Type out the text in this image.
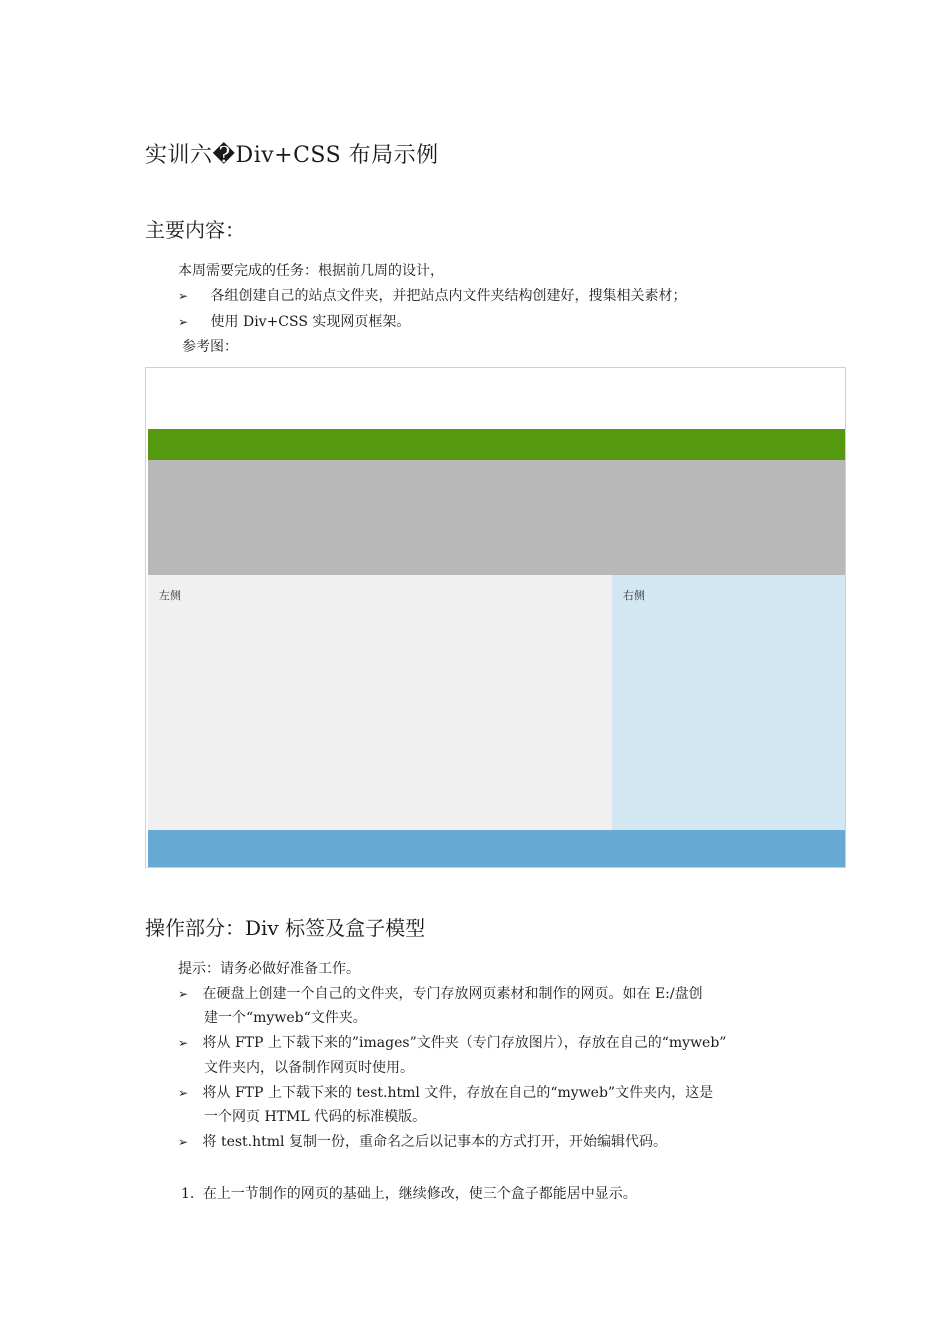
实训六�Div+CSS 布局示例
主要内容：
本周需要完成的任务：根据前几周的设计，
➢ 各组创建自己的站点文件夹，并把站点内文件夹结构创建好，搜集相关素材；
➢ 使用 Div+CSS 实现网页框架。
参考图：
左侧	右侧
操作部分：Div 标签及盒子模型
提示：请务必做好准备工作。
➢ 在硬盘上创建一个自己的文件夹，专门存放网页素材和制作的网页。如在 E:/盘创
建一个“myweb“文件夹。
➢ 将从 FTP 上下载下来的”images”文件夹（专门存放图片），存放在自己的“myweb”
文件夹内，以备制作网页时使用。
➢ 将从 FTP 上下载下来的 test.html 文件，存放在自己的“myweb”文件夹内，这是
一个网页 HTML 代码的标准模版。
➢ 将 test.html 复制一份，重命名之后以记事本的方式打开，开始编辑代码。
1. 在上一节制作的网页的基础上，继续修改，使三个盒子都能居中显示。
